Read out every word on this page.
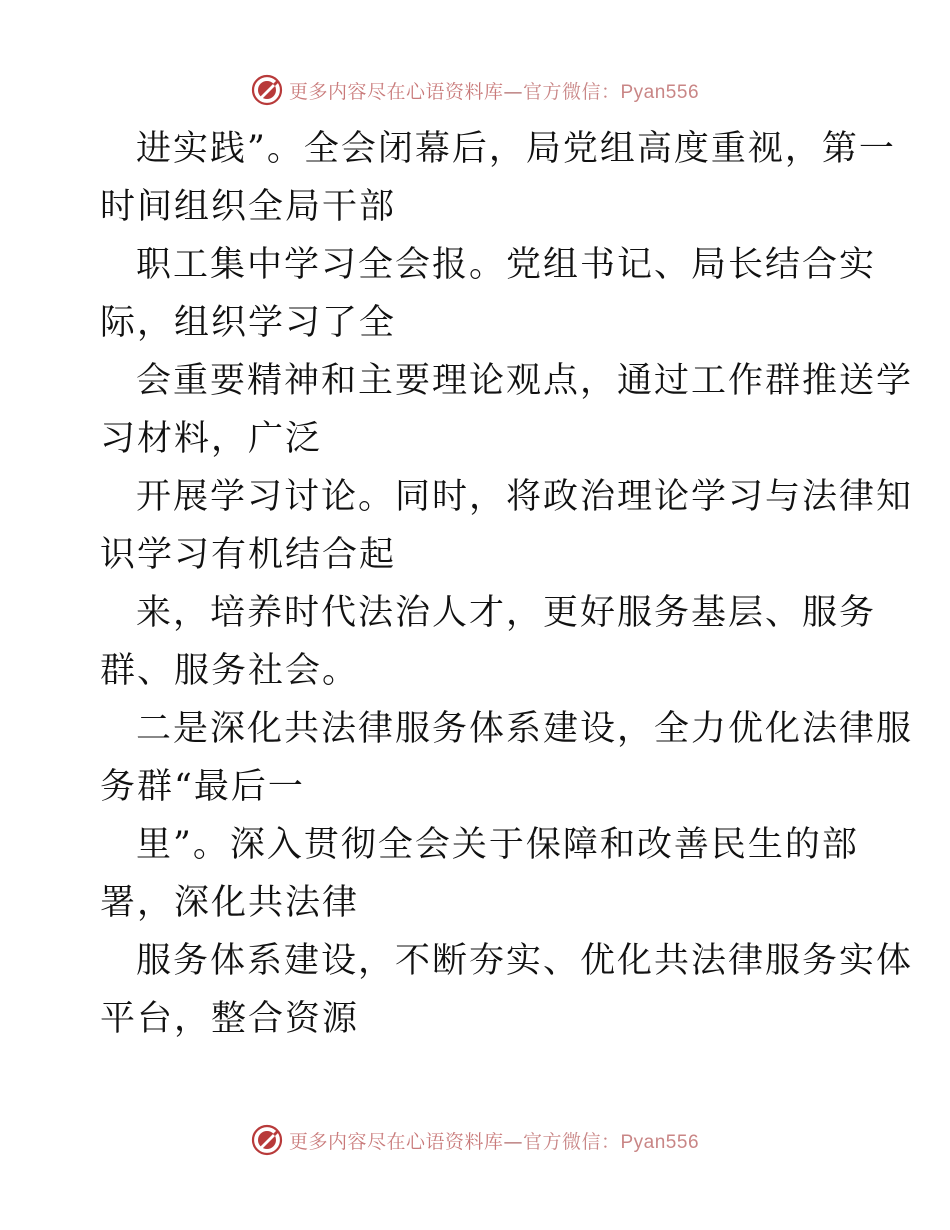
更多内容尽在心语资料库—官方微信：Pyan556
进实践”。全会闭幕后，局党组高度重视，第一
时间组织全局干部
职工集中学习全会报。党组书记、局长结合实
际，组织学习了全
会重要精神和主要理论观点，通过工作群推送学
习材料，广泛
开展学习讨论。同时，将政治理论学习与法律知
识学习有机结合起
来，培养时代法治人才，更好服务基层、服务
群、服务社会。
二是深化共法律服务体系建设，全力优化法律服
务群“最后一
里”。深入贯彻全会关于保障和改善民生的部
署，深化共法律
服务体系建设，不断夯实、优化共法律服务实体
平台，整合资源
更多内容尽在心语资料库—官方微信：Pyan556
